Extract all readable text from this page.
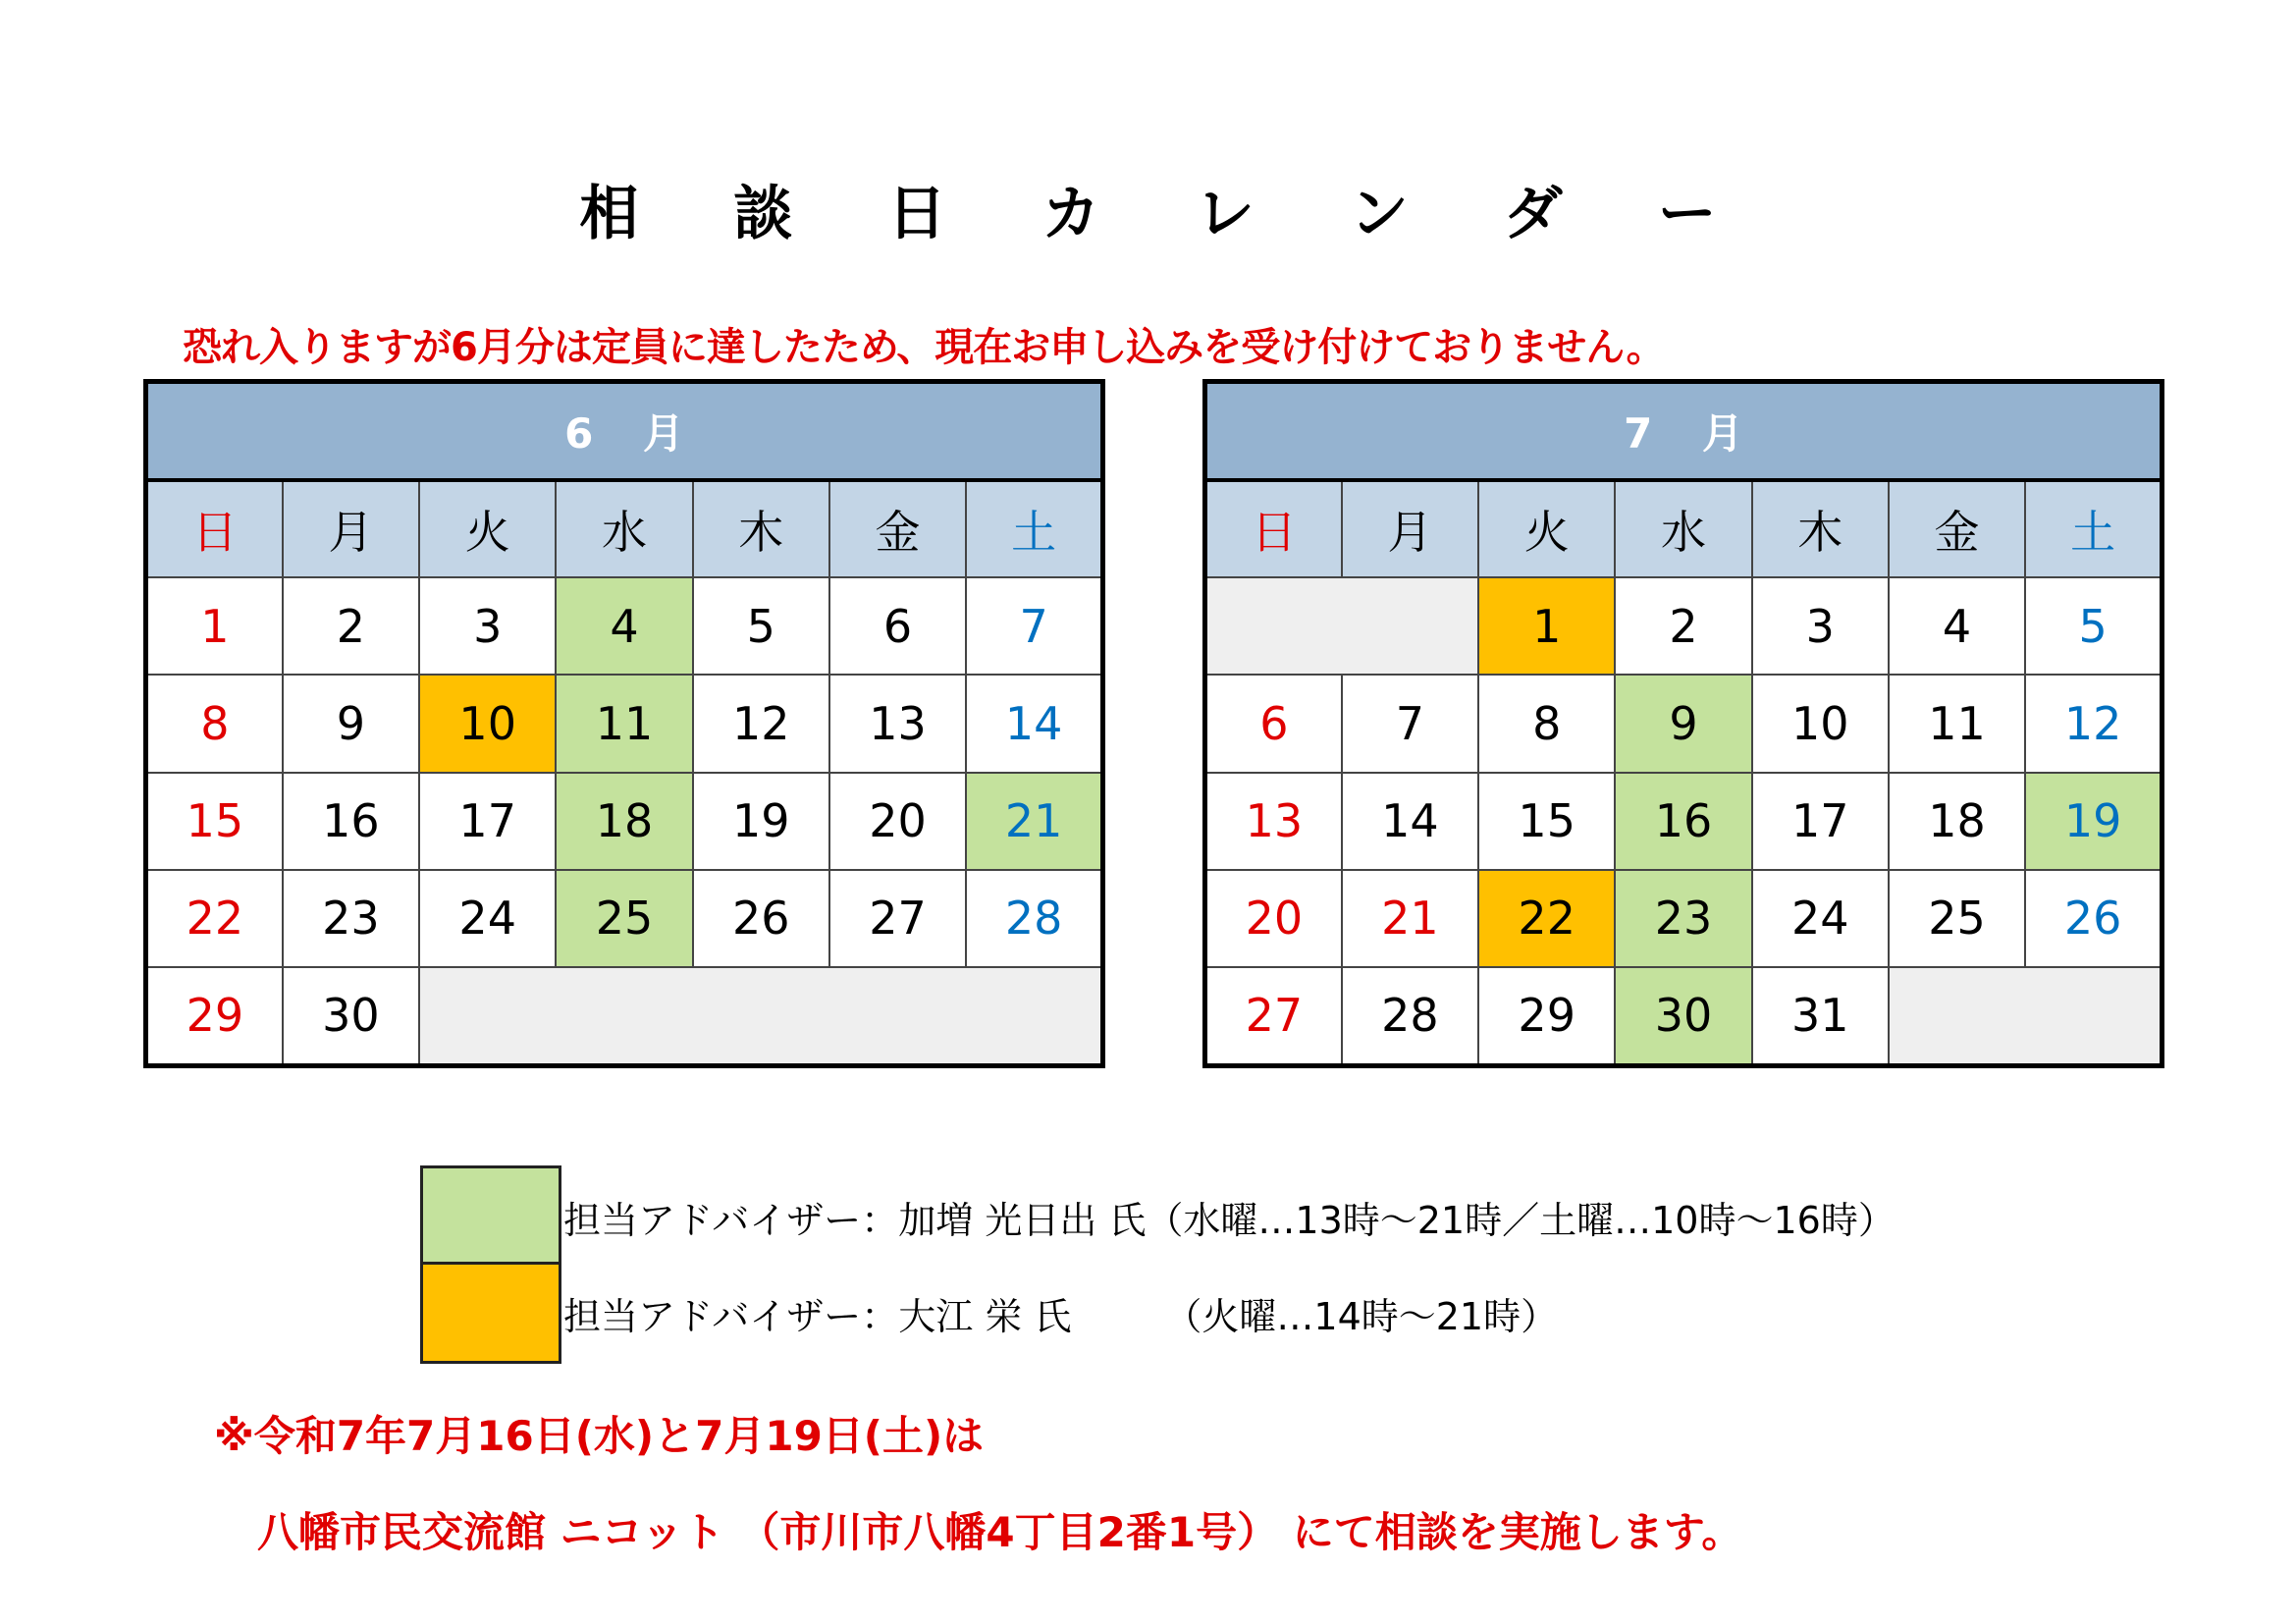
相 談 日 カ レ ン ダ ー
恐れ入りますが6月分は定員に達したため、現在お申し込みを受け付けておりません。
6 月						
日	月	火	水	木	金	土
1	2	3	4	5	6	7
8	9	10	11	12	13	14
15	16	17	18	19	20	21
22	23	24	25	26	27	28
29	30					
7 月						
日	月	火	水	木	金	土
		1	2	3	4	5
6	7	8	9	10	11	12
13	14	15	16	17	18	19
20	21	22	23	24	25	26
27	28	29	30	31		
担当アドバイザー：加増 光日出 氏（水曜…13時～21時／土曜…10時～16時）
担当アドバイザー：大江 栄 氏　　　（火曜…14時～21時）
※令和7年7月16日(水)と7月19日(土)は
八幡市民交流館 ニコット （市川市八幡4丁目2番1号） にて相談を実施します。
